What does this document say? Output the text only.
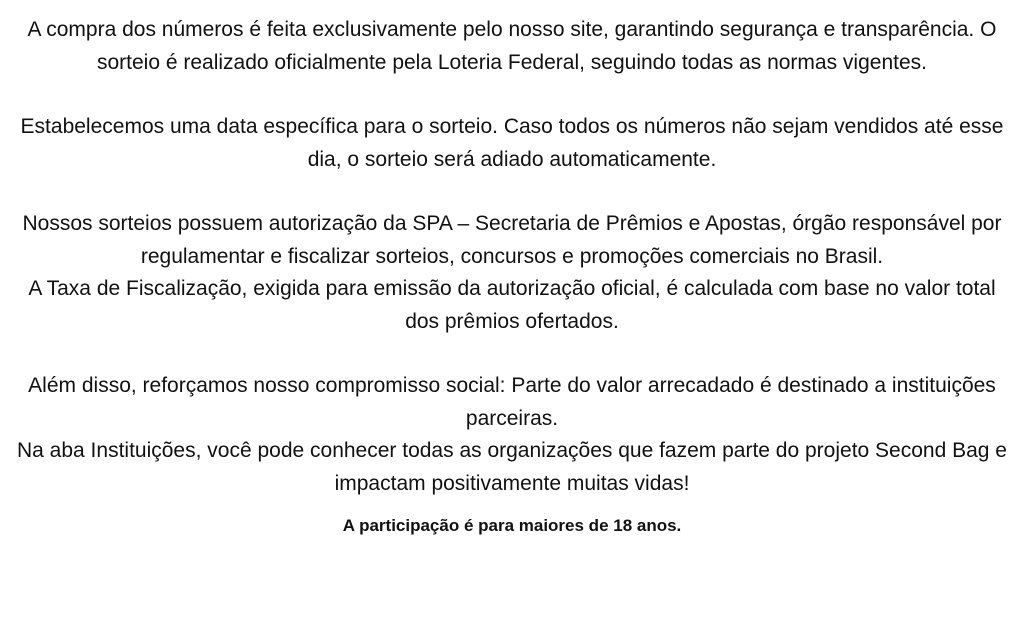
A compra dos números é feita exclusivamente pelo nosso site, garantindo segurança e transparência. O sorteio é realizado oficialmente pela Loteria Federal, seguindo todas as normas vigentes.

Estabelecemos uma data específica para o sorteio. Caso todos os números não sejam vendidos até esse dia, o sorteio será adiado automaticamente.

Nossos sorteios possuem autorização da SPA – Secretaria de Prêmios e Apostas, órgão responsável por regulamentar e fiscalizar sorteios, concursos e promoções comerciais no Brasil.

A Taxa de Fiscalização, exigida para emissão da autorização oficial, é calculada com base no valor total dos prêmios ofertados.

Além disso, reforçamos nosso compromisso social: Parte do valor arrecadado é destinado a instituições parceiras.

Na aba Instituições, você pode conhecer todas as organizações que fazem parte do projeto Second Bag e impactam positivamente muitas vidas!

A participação é para maiores de 18 anos.
